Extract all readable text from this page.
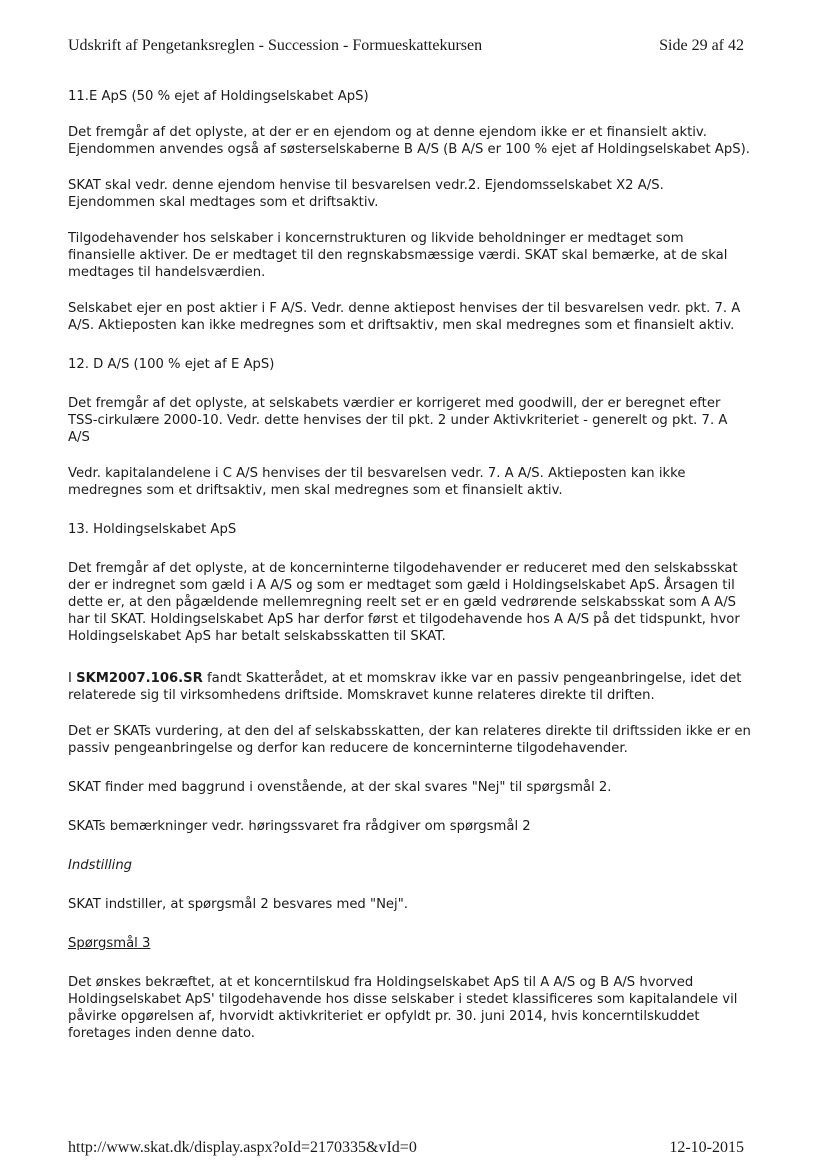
Udskrift af Pengetanksreglen - Succession - Formueskattekursen	Side 29 af 42

11.E ApS (50 % ejet af Holdingselskabet ApS)

Det fremgår af det oplyste, at der er en ejendom og at denne ejendom ikke er et finansielt aktiv. Ejendommen anvendes også af søsterselskaberne B A/S (B A/S er 100 % ejet af Holdingselskabet ApS).

SKAT skal vedr. denne ejendom henvise til besvarelsen vedr.2. Ejendomsselskabet X2 A/S. Ejendommen skal medtages som et driftsaktiv.

Tilgodehavender hos selskaber i koncernstrukturen og likvide beholdninger er medtaget som finansielle aktiver. De er medtaget til den regnskabsmæssige værdi. SKAT skal bemærke, at de skal medtages til handelsværdien.

Selskabet ejer en post aktier i F A/S. Vedr. denne aktiepost henvises der til besvarelsen vedr. pkt. 7. A A/S. Aktieposten kan ikke medregnes som et driftsaktiv, men skal medregnes som et finansielt aktiv.

12. D A/S (100 % ejet af E ApS)

Det fremgår af det oplyste, at selskabets værdier er korrigeret med goodwill, der er beregnet efter TSS-cirkulære 2000-10. Vedr. dette henvises der til pkt. 2 under Aktivkriteriet - generelt og pkt. 7. A A/S

Vedr. kapitalandelene i C A/S henvises der til besvarelsen vedr. 7. A A/S. Aktieposten kan ikke medregnes som et driftsaktiv, men skal medregnes som et finansielt aktiv.

13. Holdingselskabet ApS

Det fremgår af det oplyste, at de koncerninterne tilgodehavender er reduceret med den selskabsskat der er indregnet som gæld i A A/S og som er medtaget som gæld i Holdingselskabet ApS. Årsagen til dette er, at den pågældende mellemregning reelt set er en gæld vedrørende selskabsskat som A A/S har til SKAT. Holdingselskabet ApS har derfor først et tilgodehavende hos A A/S på det tidspunkt, hvor Holdingselskabet ApS har betalt selskabsskatten til SKAT.

I SKM2007.106.SR fandt Skatterådet, at et momskrav ikke var en passiv pengeanbringelse, idet det relaterede sig til virksomhedens driftside. Momskravet kunne relateres direkte til driften.

Det er SKATs vurdering, at den del af selskabsskatten, der kan relateres direkte til driftssiden ikke er en passiv pengeanbringelse og derfor kan reducere de koncerninterne tilgodehavender.

SKAT finder med baggrund i ovenstående, at der skal svares "Nej" til spørgsmål 2.

SKATs bemærkninger vedr. høringssvaret fra rådgiver om spørgsmål 2

Indstilling

SKAT indstiller, at spørgsmål 2 besvares med "Nej".

Spørgsmål 3

Det ønskes bekræftet, at et koncerntilskud fra Holdingselskabet ApS til A A/S og B A/S hvorved Holdingselskabet ApS' tilgodehavende hos disse selskaber i stedet klassificeres som kapitalandele vil påvirke opgørelsen af, hvorvidt aktivkriteriet er opfyldt pr. 30. juni 2014, hvis koncerntilskuddet foretages inden denne dato.

http://www.skat.dk/display.aspx?oId=2170335&vId=0	12-10-2015
